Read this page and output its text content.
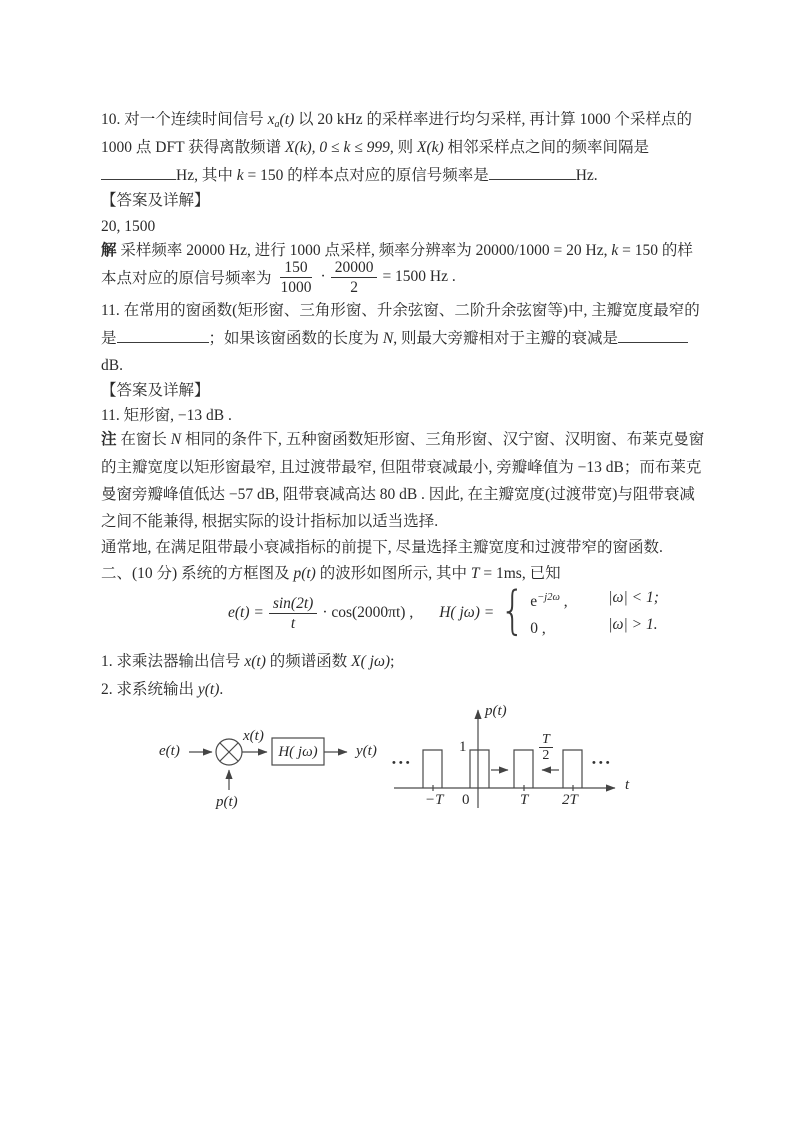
10. 对一个连续时间信号 xa(t) 以 20 kHz 的采样率进行均匀采样, 再计算 1000 个采样点的
1000 点 DFT 获得离散频谱 X(k), 0 ≤ k ≤ 999, 则 X(k) 相邻采样点之间的频率间隔是
Hz, 其中 k = 150 的样本点对应的原信号频率是	Hz.
【答案及详解】
20, 1500
解 采样频率 20000 Hz, 进行 1000 点采样, 频率分辨率为 20000/1000 = 20 Hz, k = 150 的样
本点对应的原信号频率为 $\frac{150}{1000} \cdot \frac{20000}{2} = 1500$ Hz .
11. 在常用的窗函数(矩形窗、三角形窗、升余弦窗、二阶升余弦窗等)中, 主瓣宽度最窄的
是	；如果该窗函数的长度为 N, 则最大旁瓣相对于主瓣的衰减是
dB.
【答案及详解】
11. 矩形窗, −13 dB .
注 在窗长 N 相同的条件下, 五种窗函数矩形窗、三角形窗、汉宁窗、汉明窗、布莱克曼窗
的主瓣宽度以矩形窗最窄, 且过渡带最窄, 但阻带衰减最小, 旁瓣峰值为 −13 dB；而布莱克
曼窗旁瓣峰值低达 −57 dB, 阻带衰减高达 80 dB . 因此, 在主瓣宽度(过渡带宽)与阻带衰减
之间不能兼得, 根据实际的设计指标加以适当选择.
通常地, 在满足阻带最小衰减指标的前提下, 尽量选择主瓣宽度和过渡带窄的窗函数.
二、(10 分) 系统的方框图及 p(t) 的波形如图所示, 其中 T = 1ms, 已知
$e(t) = \frac{\sin(2t)}{t} \cdot \cos(2000\pi t)$ , H( jω) = { $e^{-j2\omega}$ ,	|ω| < 1;
0 ,	|ω| > 1.
1. 求乘法器输出信号 x(t) 的频谱函数 X( jω);
2. 求系统输出 y(t).
e(t)
x(t)
H( jω)	y(t)
p(t)
p(t)
1
−T 0	T 2T
t
•••	•••
T
2
